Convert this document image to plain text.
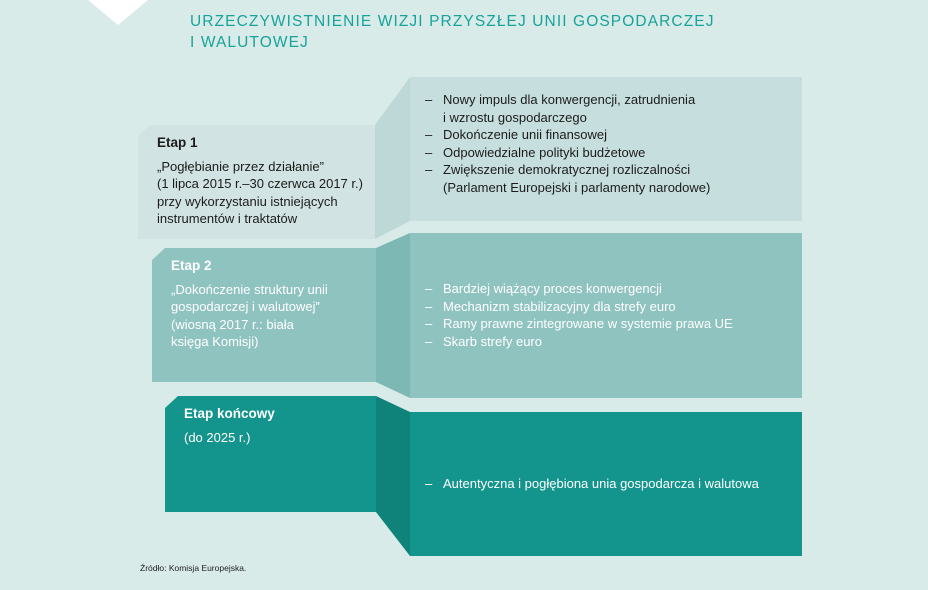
URZECZYWISTNIENIE WIZJI PRZYSZŁEJ UNII GOSPODARCZEJ
I WALUTOWEJ
Etap 1
„Pogłębianie przez działanie”
(1 lipca 2015 r.–30 czerwca 2017 r.)
przy wykorzystaniu istniejących
instrumentów i traktatów
– Nowy impuls dla konwergencji, zatrudnienia
i wzrostu gospodarczego
– Dokończenie unii finansowej
– Odpowiedzialne polityki budżetowe
– Zwiększenie demokratycznej rozliczalności
(Parlament Europejski i parlamenty narodowe)
Etap 2
„Dokończenie struktury unii
gospodarczej i walutowej”
(wiosną 2017 r.: biała
księga Komisji)
– Bardziej wiążący proces konwergencji
– Mechanizm stabilizacyjny dla strefy euro
– Ramy prawne zintegrowane w systemie prawa UE
– Skarb strefy euro
Etap końcowy
(do 2025 r.)
– Autentyczna i pogłębiona unia gospodarcza i walutowa
Źródło: Komisja Europejska.
